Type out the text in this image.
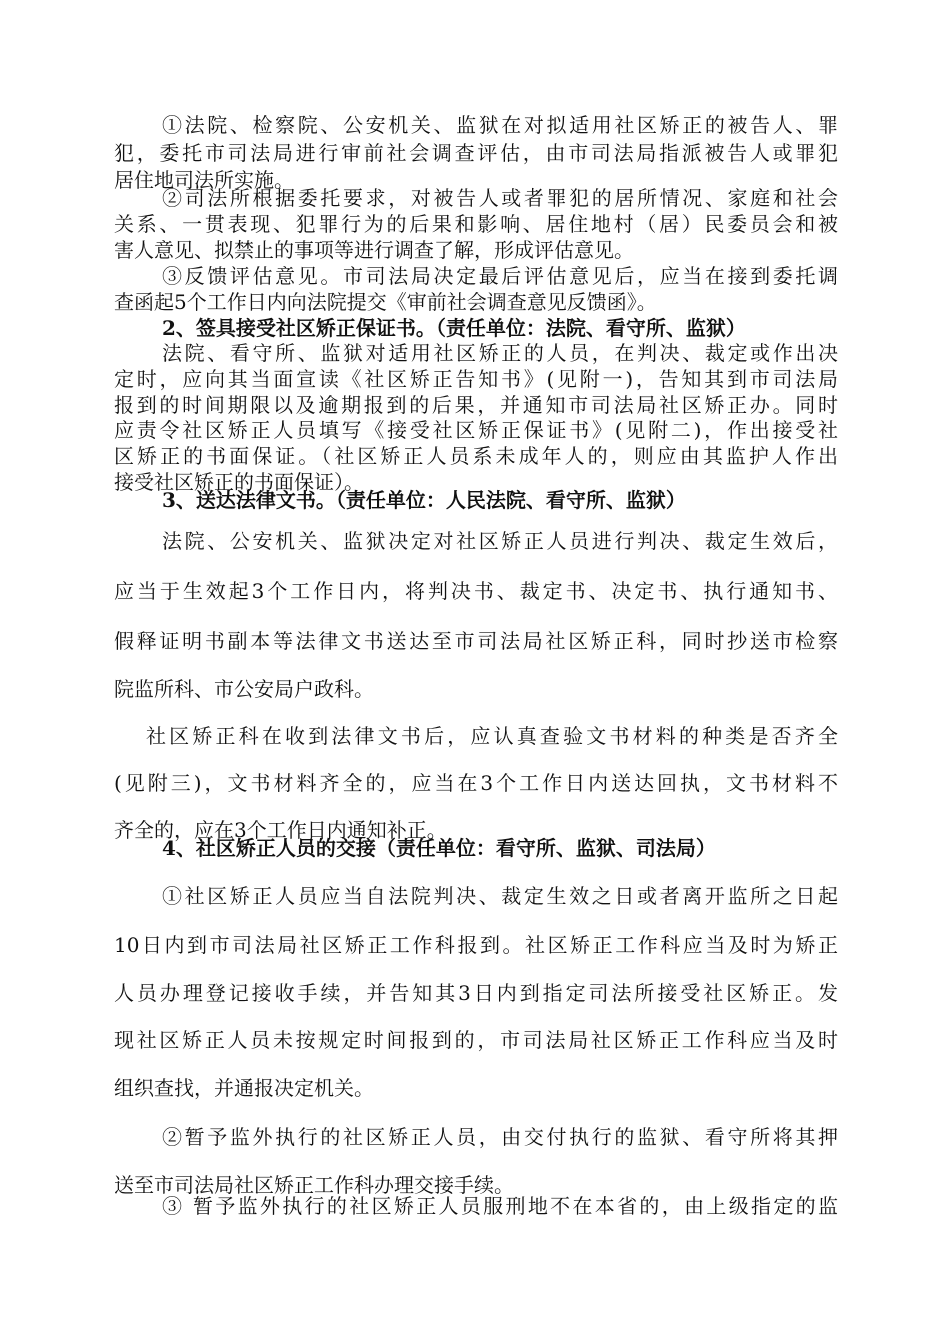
①法院、检察院、公安机关、监狱在对拟适用社区矫正的被告人、罪
犯，委托市司法局进行审前社会调查评估，由市司法局指派被告人或罪犯
居住地司法所实施。
②司法所根据委托要求，对被告人或者罪犯的居所情况、家庭和社会
关系、一贯表现、犯罪行为的后果和影响、居住地村（居）民委员会和被
害人意见、拟禁止的事项等进行调查了解，形成评估意见。
③反馈评估意见。市司法局决定最后评估意见后，应当在接到委托调
查函起5个工作日内向法院提交《审前社会调查意见反馈函》。
2、签具接受社区矫正保证书。（责任单位：法院、看守所、监狱）
法院、看守所、监狱对适用社区矫正的人员，在判决、裁定或作出决
定时，应向其当面宣读《社区矫正告知书》(见附一)，告知其到市司法局
报到的时间期限以及逾期报到的后果，并通知市司法局社区矫正办。同时
应责令社区矫正人员填写《接受社区矫正保证书》(见附二)，作出接受社
区矫正的书面保证。（社区矫正人员系未成年人的，则应由其监护人作出
接受社区矫正的书面保证）。
3、送达法律文书。（责任单位：人民法院、看守所、监狱）
法院、公安机关、监狱决定对社区矫正人员进行判决、裁定生效后，
应当于生效起3个工作日内，将判决书、裁定书、决定书、执行通知书、
假释证明书副本等法律文书送达至市司法局社区矫正科，同时抄送市检察
院监所科、市公安局户政科。
社区矫正科在收到法律文书后，应认真查验文书材料的种类是否齐全
(见附三)，文书材料齐全的，应当在3个工作日内送达回执，文书材料不
齐全的，应在3个工作日内通知补正。
4、社区矫正人员的交接（责任单位：看守所、监狱、司法局）
①社区矫正人员应当自法院判决、裁定生效之日或者离开监所之日起
10日内到市司法局社区矫正工作科报到。社区矫正工作科应当及时为矫正
人员办理登记接收手续，并告知其3日内到指定司法所接受社区矫正。发
现社区矫正人员未按规定时间报到的，市司法局社区矫正工作科应当及时
组织查找，并通报决定机关。
②暂予监外执行的社区矫正人员，由交付执行的监狱、看守所将其押
送至市司法局社区矫正工作科办理交接手续。
③ 暂予监外执行的社区矫正人员服刑地不在本省的，由上级指定的监
